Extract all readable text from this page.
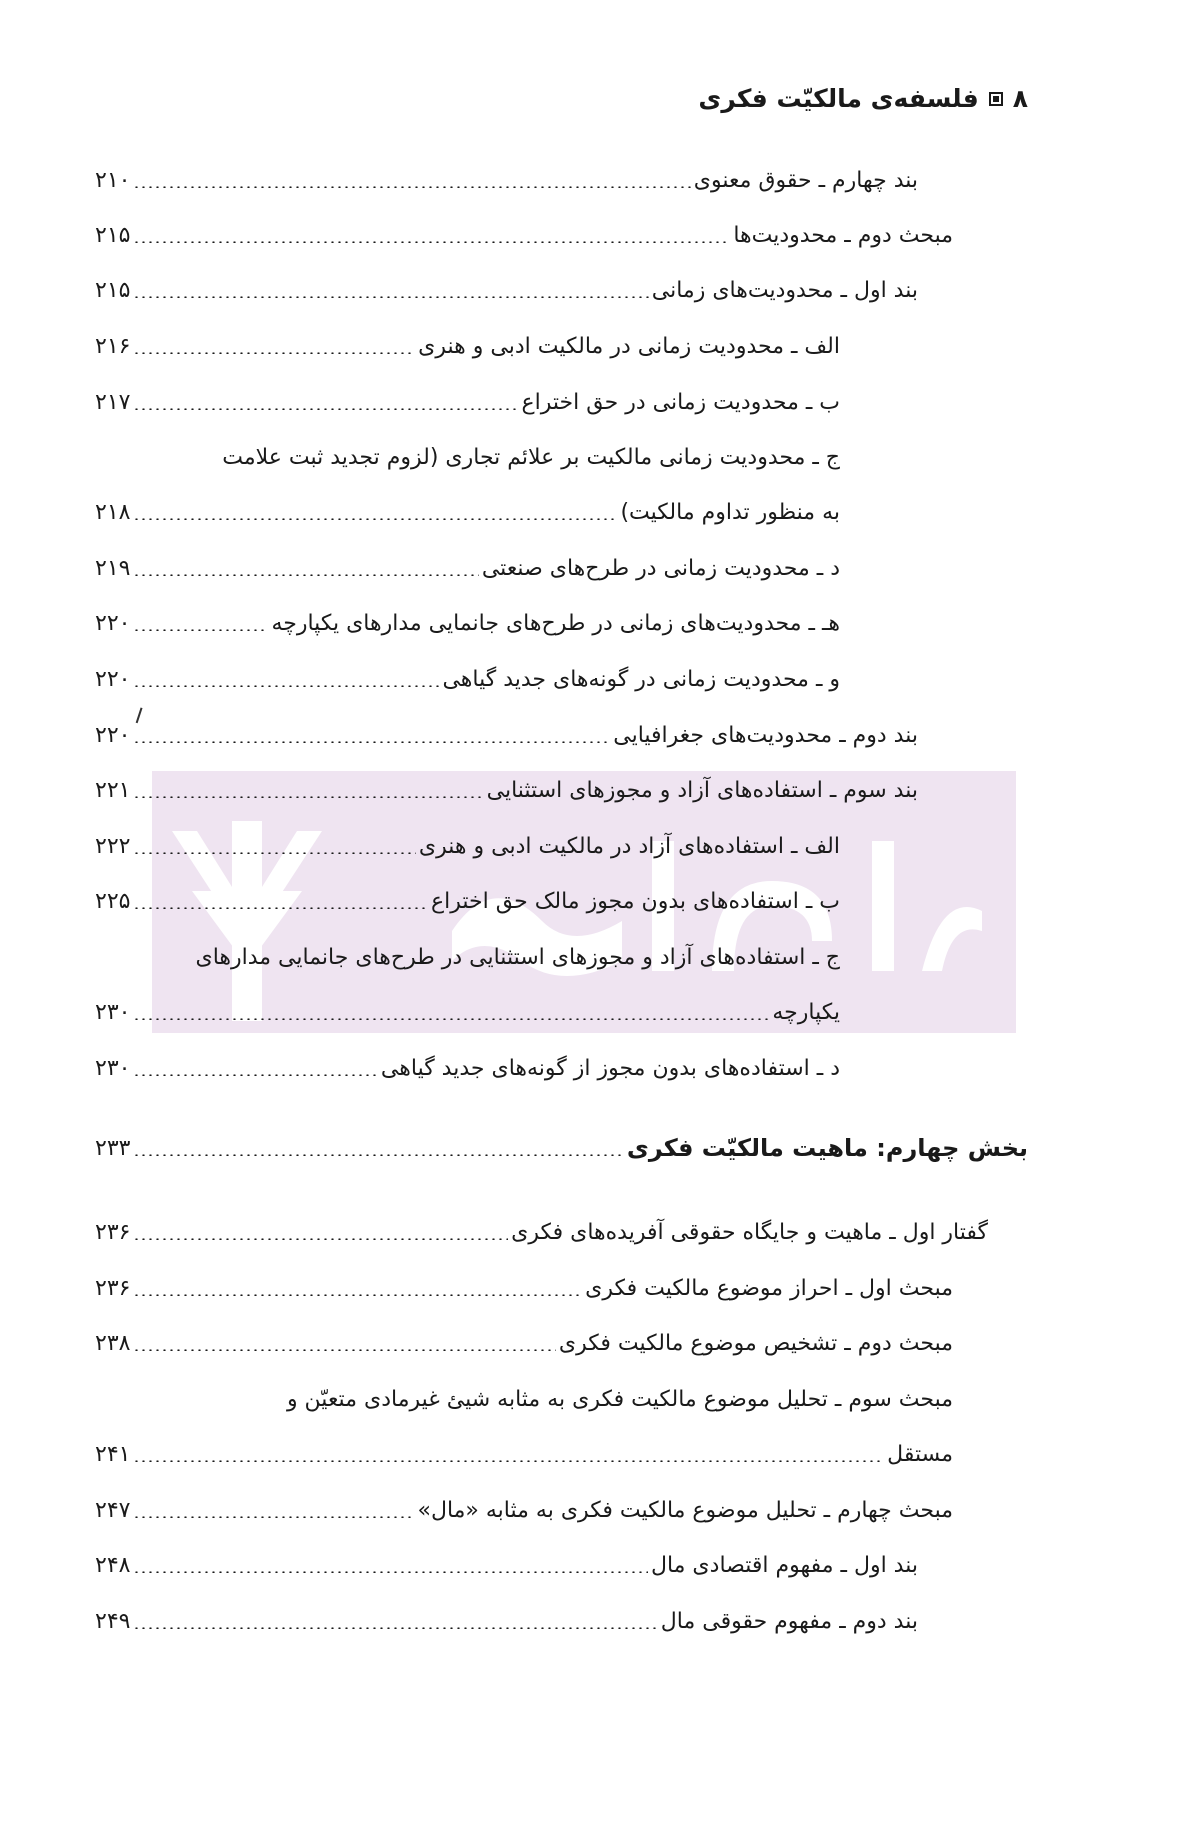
۸
فلسفه‌ی مالکیّت فکری
بند چهارم ـ حقوق معنوی
۲۱۰
مبحث دوم ـ محدودیت‌ها
۲۱۵
بند اول ـ محدودیت‌های زمانی
۲۱۵
الف ـ محدودیت زمانی در مالکیت ادبی و هنری
۲۱۶
ب ـ محدودیت زمانی در حق اختراع
۲۱۷
ج ـ محدودیت زمانی مالکیت بر علائم تجاری (لزوم تجدید ثبت علامت
به منظور تداوم مالکیت)
۲۱۸
د ـ محدودیت زمانی در طرح‌های صنعتی
۲۱۹
هـ ـ محدودیت‌های زمانی در طرح‌های جانمایی مدارهای یکپارچه
۲۲۰
و ـ محدودیت زمانی در گونه‌های جدید گیاهی
۲۲۰
بند دوم ـ محدودیت‌های جغرافیایی
۲۲۰
بند سوم ـ استفاده‌های آزاد و مجوزهای استثنایی
۲۲۱
الف ـ استفاده‌های آزاد در مالکیت ادبی و هنری
۲۲۲
ب ـ استفاده‌های بدون مجوز مالک حق اختراع
۲۲۵
ج ـ استفاده‌های آزاد و مجوزهای استثنایی در طرح‌های جانمایی مدارهای
یکپارچه
۲۳۰
د ـ استفاده‌های بدون مجوز از گونه‌های جدید گیاهی
۲۳۰
بخش چهارم: ماهیت مالکیّت فکری
۲۳۳
گفتار اول ـ ماهیت و جایگاه حقوقی آفریده‌های فکری
۲۳۶
مبحث اول ـ احراز موضوع مالکیت فکری
۲۳۶
مبحث دوم ـ تشخیص موضوع مالکیت فکری
۲۳۸
مبحث سوم ـ تحلیل موضوع مالکیت فکری به مثابه شیئ غیرمادی متعیّن و
مستقل
۲۴۱
مبحث چهارم ـ تحلیل موضوع مالکیت فکری به مثابه «مال»
۲۴۷
بند اول ـ مفهوم اقتصادی مال
۲۴۸
بند دوم ـ مفهوم حقوقی مال
۲۴۹
